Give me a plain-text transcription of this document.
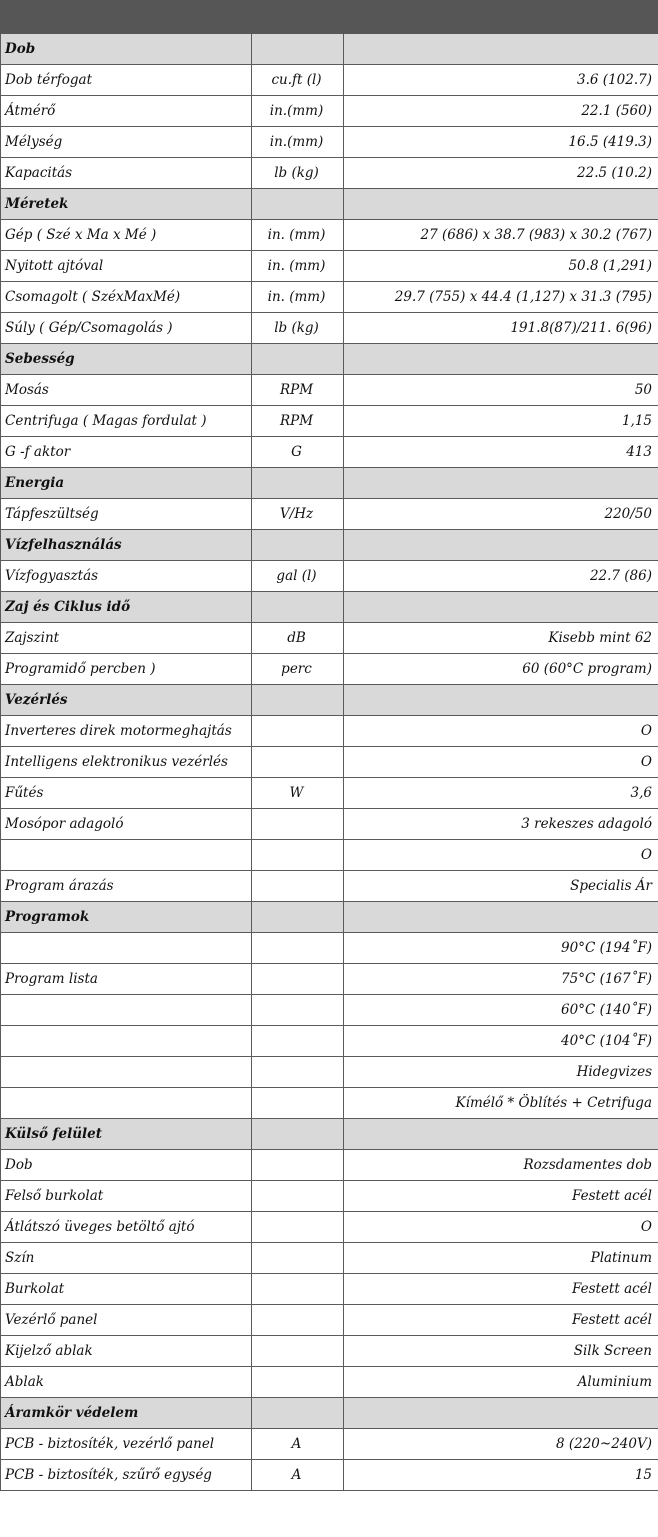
Dob		
Dob térfogat	cu.ft (l)	3.6 (102.7)
Átmérő	in.(mm)	22.1 (560)
Mélység	in.(mm)	16.5 (419.3)
Kapacitás	lb (kg)	22.5 (10.2)
Méretek		
Gép ( Szé x Ma x Mé )	in. (mm)	27 (686) x 38.7 (983) x 30.2 (767)
Nyitott ajtóval	in. (mm)	50.8 (1,291)
Csomagolt ( SzéxMaxMé)	in. (mm)	29.7 (755) x 44.4 (1,127) x 31.3 (795)
Súly ( Gép/Csomagolás )	lb (kg)	191.8(87)/211. 6(96)
Sebesség		
Mosás	RPM	50
Centrifuga ( Magas fordulat )	RPM	1,15
G -f aktor	G	413
Energia		
Tápfeszültség	V/Hz	220/50
Vízfelhasználás		
Vízfogyasztás	gal (l)	22.7 (86)
Zaj és Ciklus idő		
Zajszint	dB	Kisebb mint 62
Programidő percben )	perc	60 (60°C program)
Vezérlés		
Inverteres direk motormeghajtás		O
Intelligens elektronikus vezérlés		O
Fűtés	W	3,6
Mosópor adagoló		3 rekeszes adagoló
		O
Program árazás		Specialis Ár
Programok		
		90°C (194˚F)
Program lista		75°C (167˚F)
		60°C (140˚F)
		40°C (104˚F)
		Hidegvizes
		Kímélő * Öblítés + Cetrifuga
Külső felület		
Dob		Rozsdamentes dob
Felső burkolat		Festett acél
Átlátszó üveges betöltő ajtó		O
Szín		Platinum
Burkolat		Festett acél
Vezérlő panel		Festett acél
Kijelző ablak		Silk Screen
Ablak		Aluminium
Áramkör védelem		
PCB - biztosíték, vezérlő panel	A	8 (220~240V)
PCB - biztosíték, szűrő egység	A	15
